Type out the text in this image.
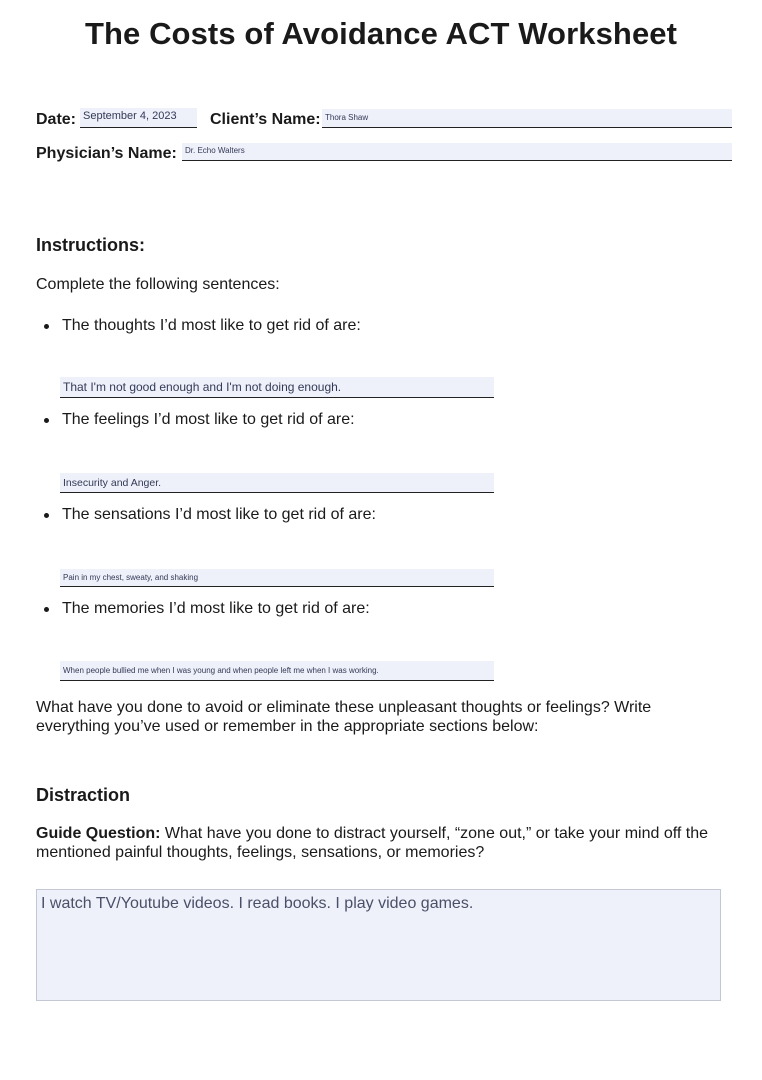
The Costs of Avoidance ACT Worksheet
Date: September 4, 2023	Client’s Name: Thora Shaw
Physician’s Name:	Dr. Echo Walters
Instructions:
Complete the following sentences:
The thoughts I’d most like to get rid of are:
That I'm not good enough and I'm not doing enough.
The feelings I’d most like to get rid of are:
Insecurity and Anger.
The sensations I’d most like to get rid of are:
Pain in my chest, sweaty, and shaking
The memories I’d most like to get rid of are:
When people bullied me when I was young and when people left me when I was working.
What have you done to avoid or eliminate these unpleasant thoughts or feelings? Write everything you’ve used or remember in the appropriate sections below:
Distraction
Guide Question: What have you done to distract yourself, “zone out,” or take your mind off the mentioned painful thoughts, feelings, sensations, or memories?
I watch TV/Youtube videos. I read books. I play video games.
